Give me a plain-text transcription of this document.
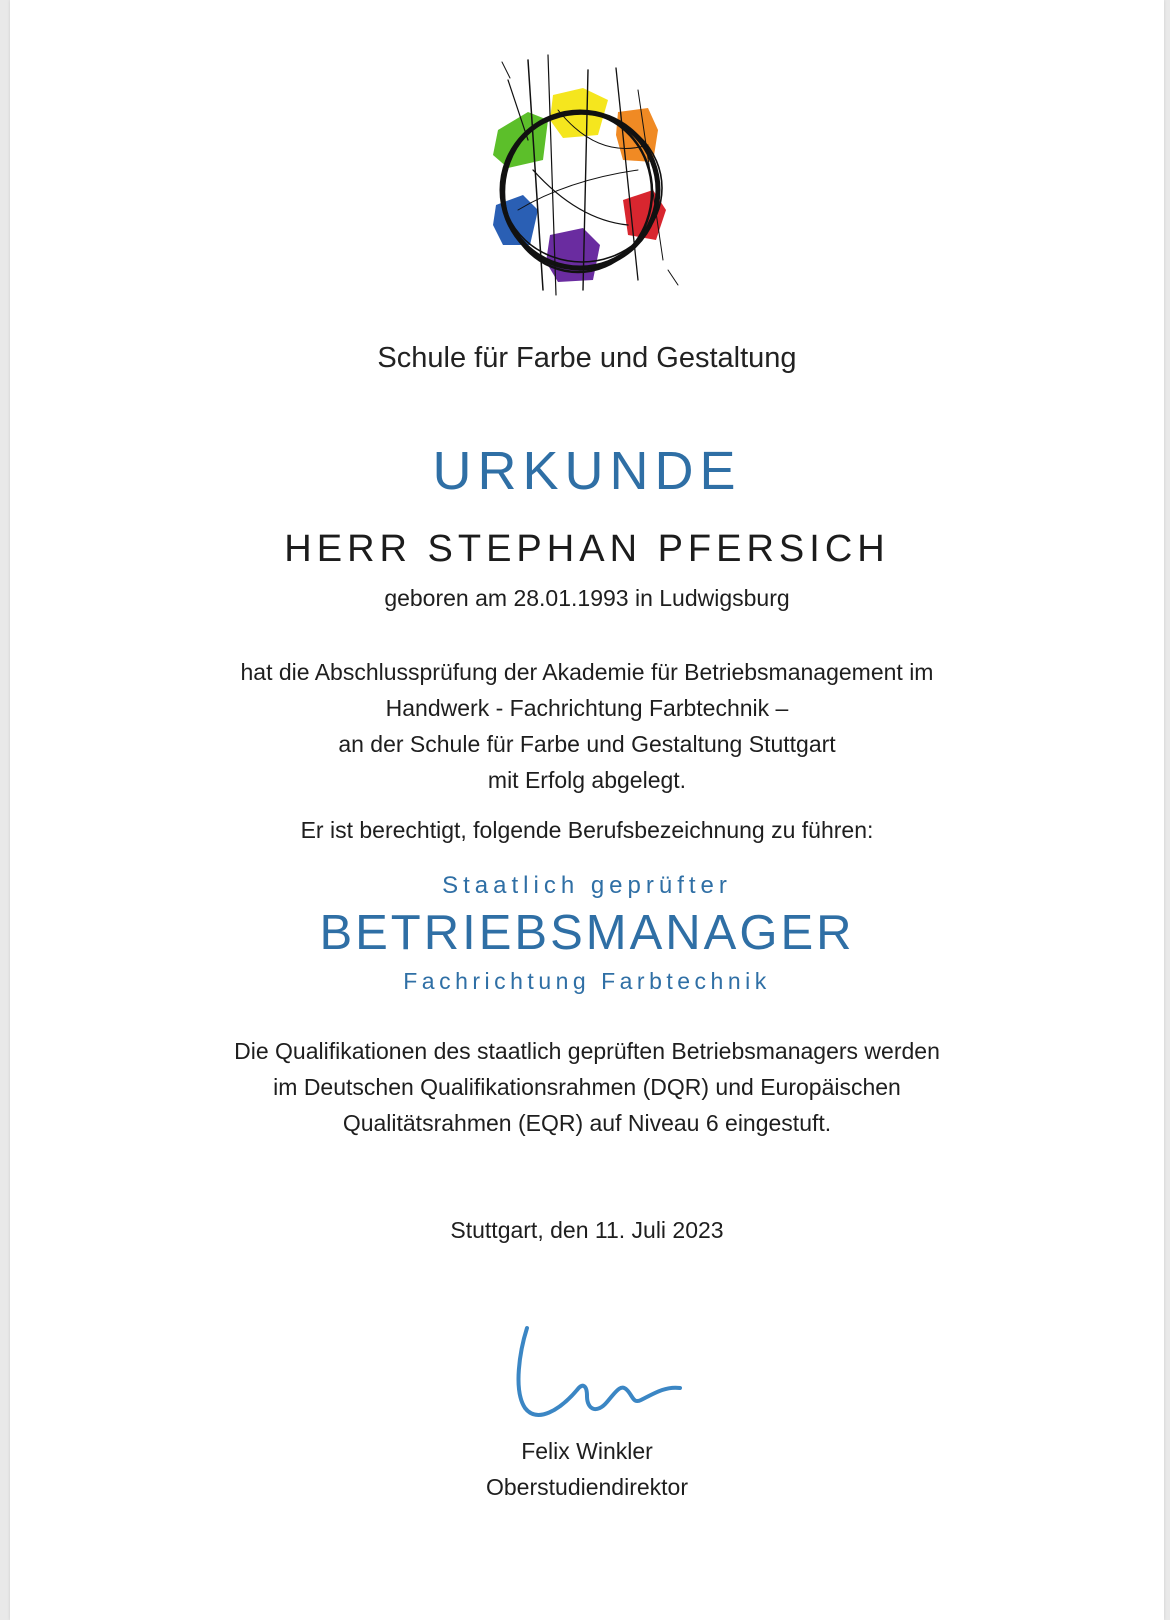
Schule für Farbe und Gestaltung
URKUNDE
HERR STEPHAN PFERSICH
geboren am 28.01.1993 in Ludwigsburg
hat die Abschlussprüfung der Akademie für Betriebsmanagement im
Handwerk - Fachrichtung Farbtechnik –
an der Schule für Farbe und Gestaltung Stuttgart
mit Erfolg abgelegt.
Er ist berechtigt, folgende Berufsbezeichnung zu führen:
Staatlich geprüfter
BETRIEBSMANAGER
Fachrichtung Farbtechnik
Die Qualifikationen des staatlich geprüften Betriebsmanagers werden
im Deutschen Qualifikationsrahmen (DQR) und Europäischen
Qualitätsrahmen (EQR) auf Niveau 6 eingestuft.
Stuttgart, den 11. Juli 2023
Felix Winkler
Oberstudiendirektor
